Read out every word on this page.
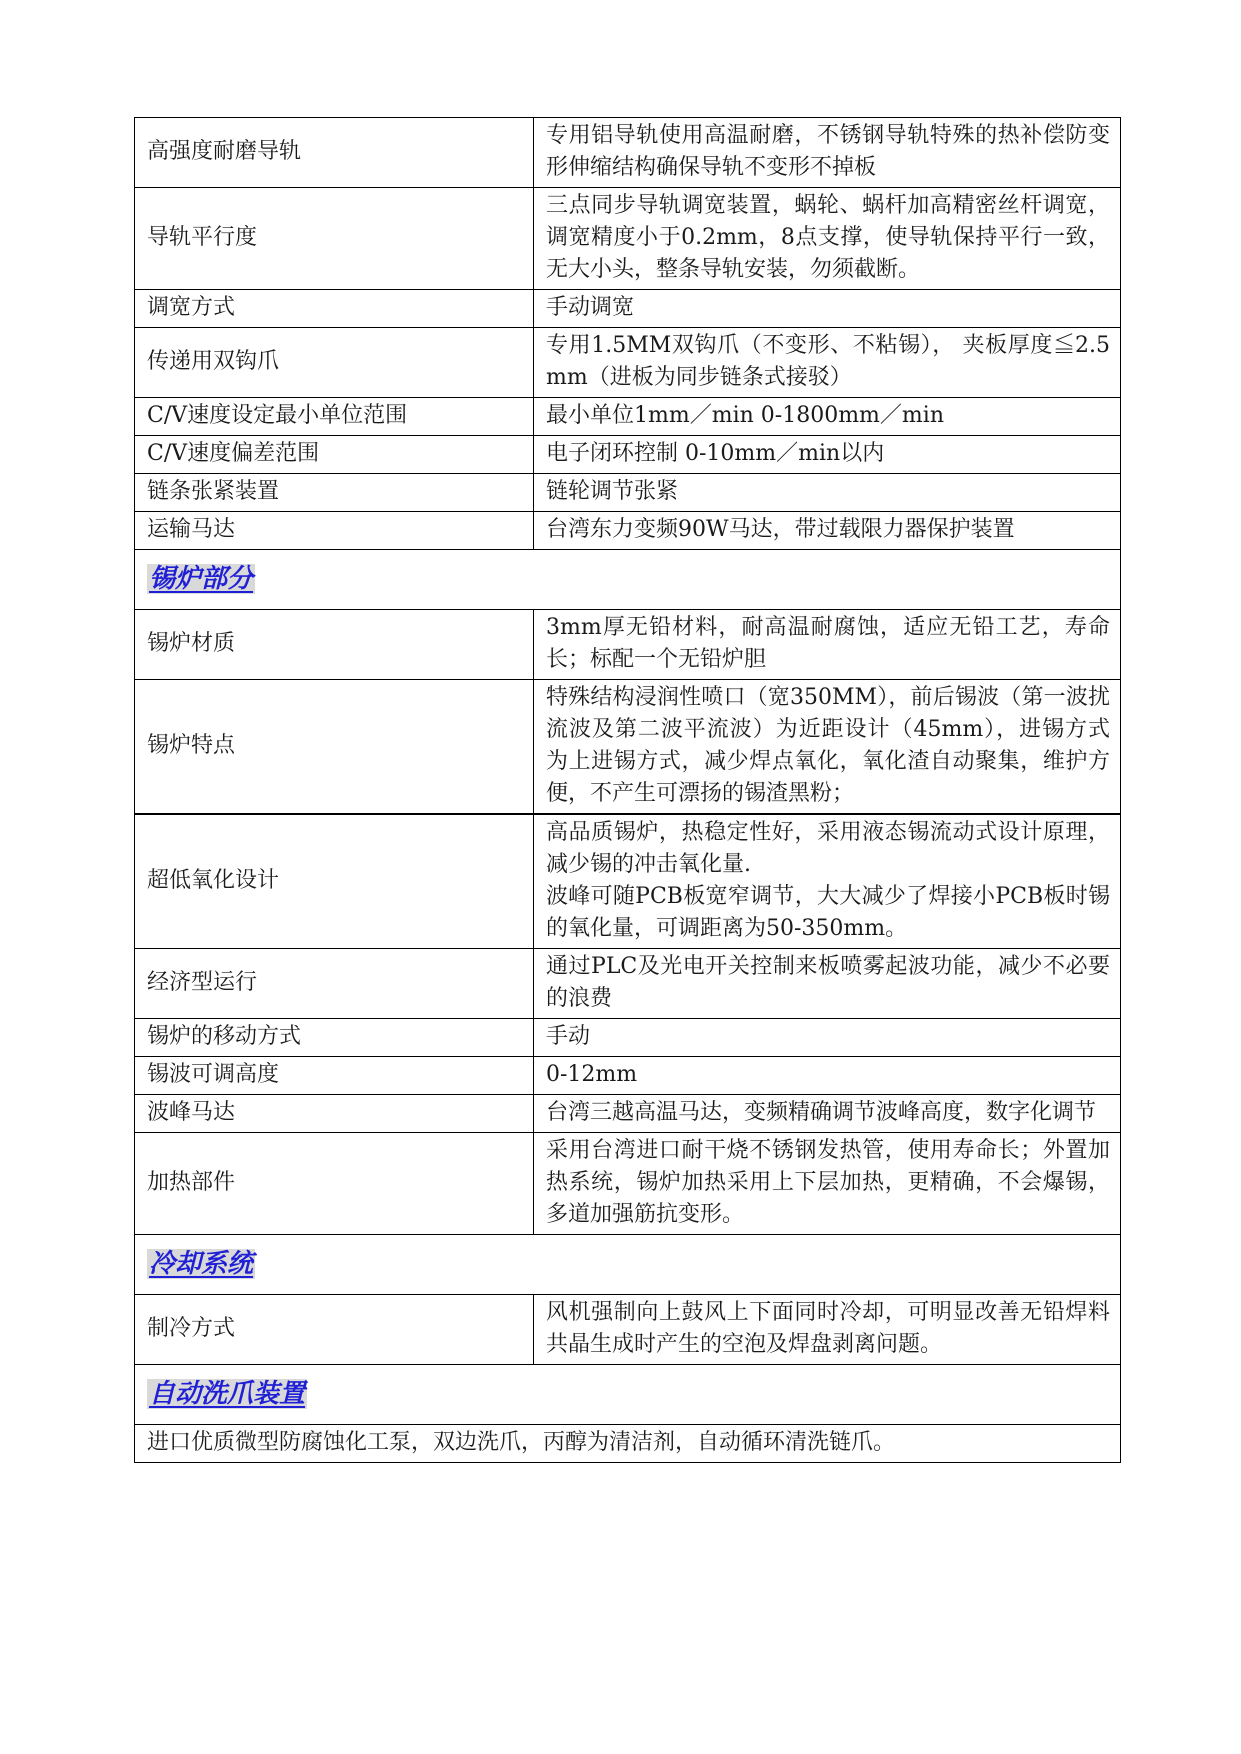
高强度耐磨导轨	专用铝导轨使用高温耐磨，不锈钢导轨特殊的热补偿防变形伸缩结构确保导轨不变形不掉板
导轨平行度	三点同步导轨调宽装置，蜗轮、蜗杆加高精密丝杆调宽，调宽精度小于0.2mm，8点支撑，使导轨保持平行一致，无大小头，整条导轨安装，勿须截断。
调宽方式	手动调宽
传递用双钩爪	专用1.5MM双钩爪（不变形、不粘锡）， 夹板厚度≦2.5mm（进板为同步链条式接驳）
C/V速度设定最小单位范围	最小单位1mm／min 0-1800mm／min
C/V速度偏差范围	电子闭环控制 0-10mm／min以内
链条张紧装置	链轮调节张紧
运输马达	台湾东力变频90W马达，带过载限力器保护装置
锡炉部分	
锡炉材质	3mm厚无铅材料，耐高温耐腐蚀，适应无铅工艺，寿命长；标配一个无铅炉胆
锡炉特点	特殊结构浸润性喷口（宽350MM），前后锡波（第一波扰流波及第二波平流波）为近距设计（45mm），进锡方式为上进锡方式，减少焊点氧化，氧化渣自动聚集，维护方便，不产生可漂扬的锡渣黑粉；
超低氧化设计	高品质锡炉，热稳定性好，采用液态锡流动式设计原理，减少锡的冲击氧化量.
波峰可随PCB板宽窄调节，大大减少了焊接小PCB板时锡的氧化量，可调距离为50-350mm。
经济型运行	通过PLC及光电开关控制来板喷雾起波功能，减少不必要的浪费
锡炉的移动方式	手动
锡波可调高度	0-12mm
波峰马达	台湾三越高温马达，变频精确调节波峰高度，数字化调节
加热部件	采用台湾进口耐干烧不锈钢发热管，使用寿命长；外置加热系统，锡炉加热采用上下层加热，更精确，不会爆锡，多道加强筋抗变形。
冷却系统	
制冷方式	风机强制向上鼓风上下面同时冷却，可明显改善无铅焊料共晶生成时产生的空泡及焊盘剥离问题。
自动洗爪装置	
进口优质微型防腐蚀化工泵，双边洗爪，丙醇为清洁剂，自动循环清洗链爪。	
